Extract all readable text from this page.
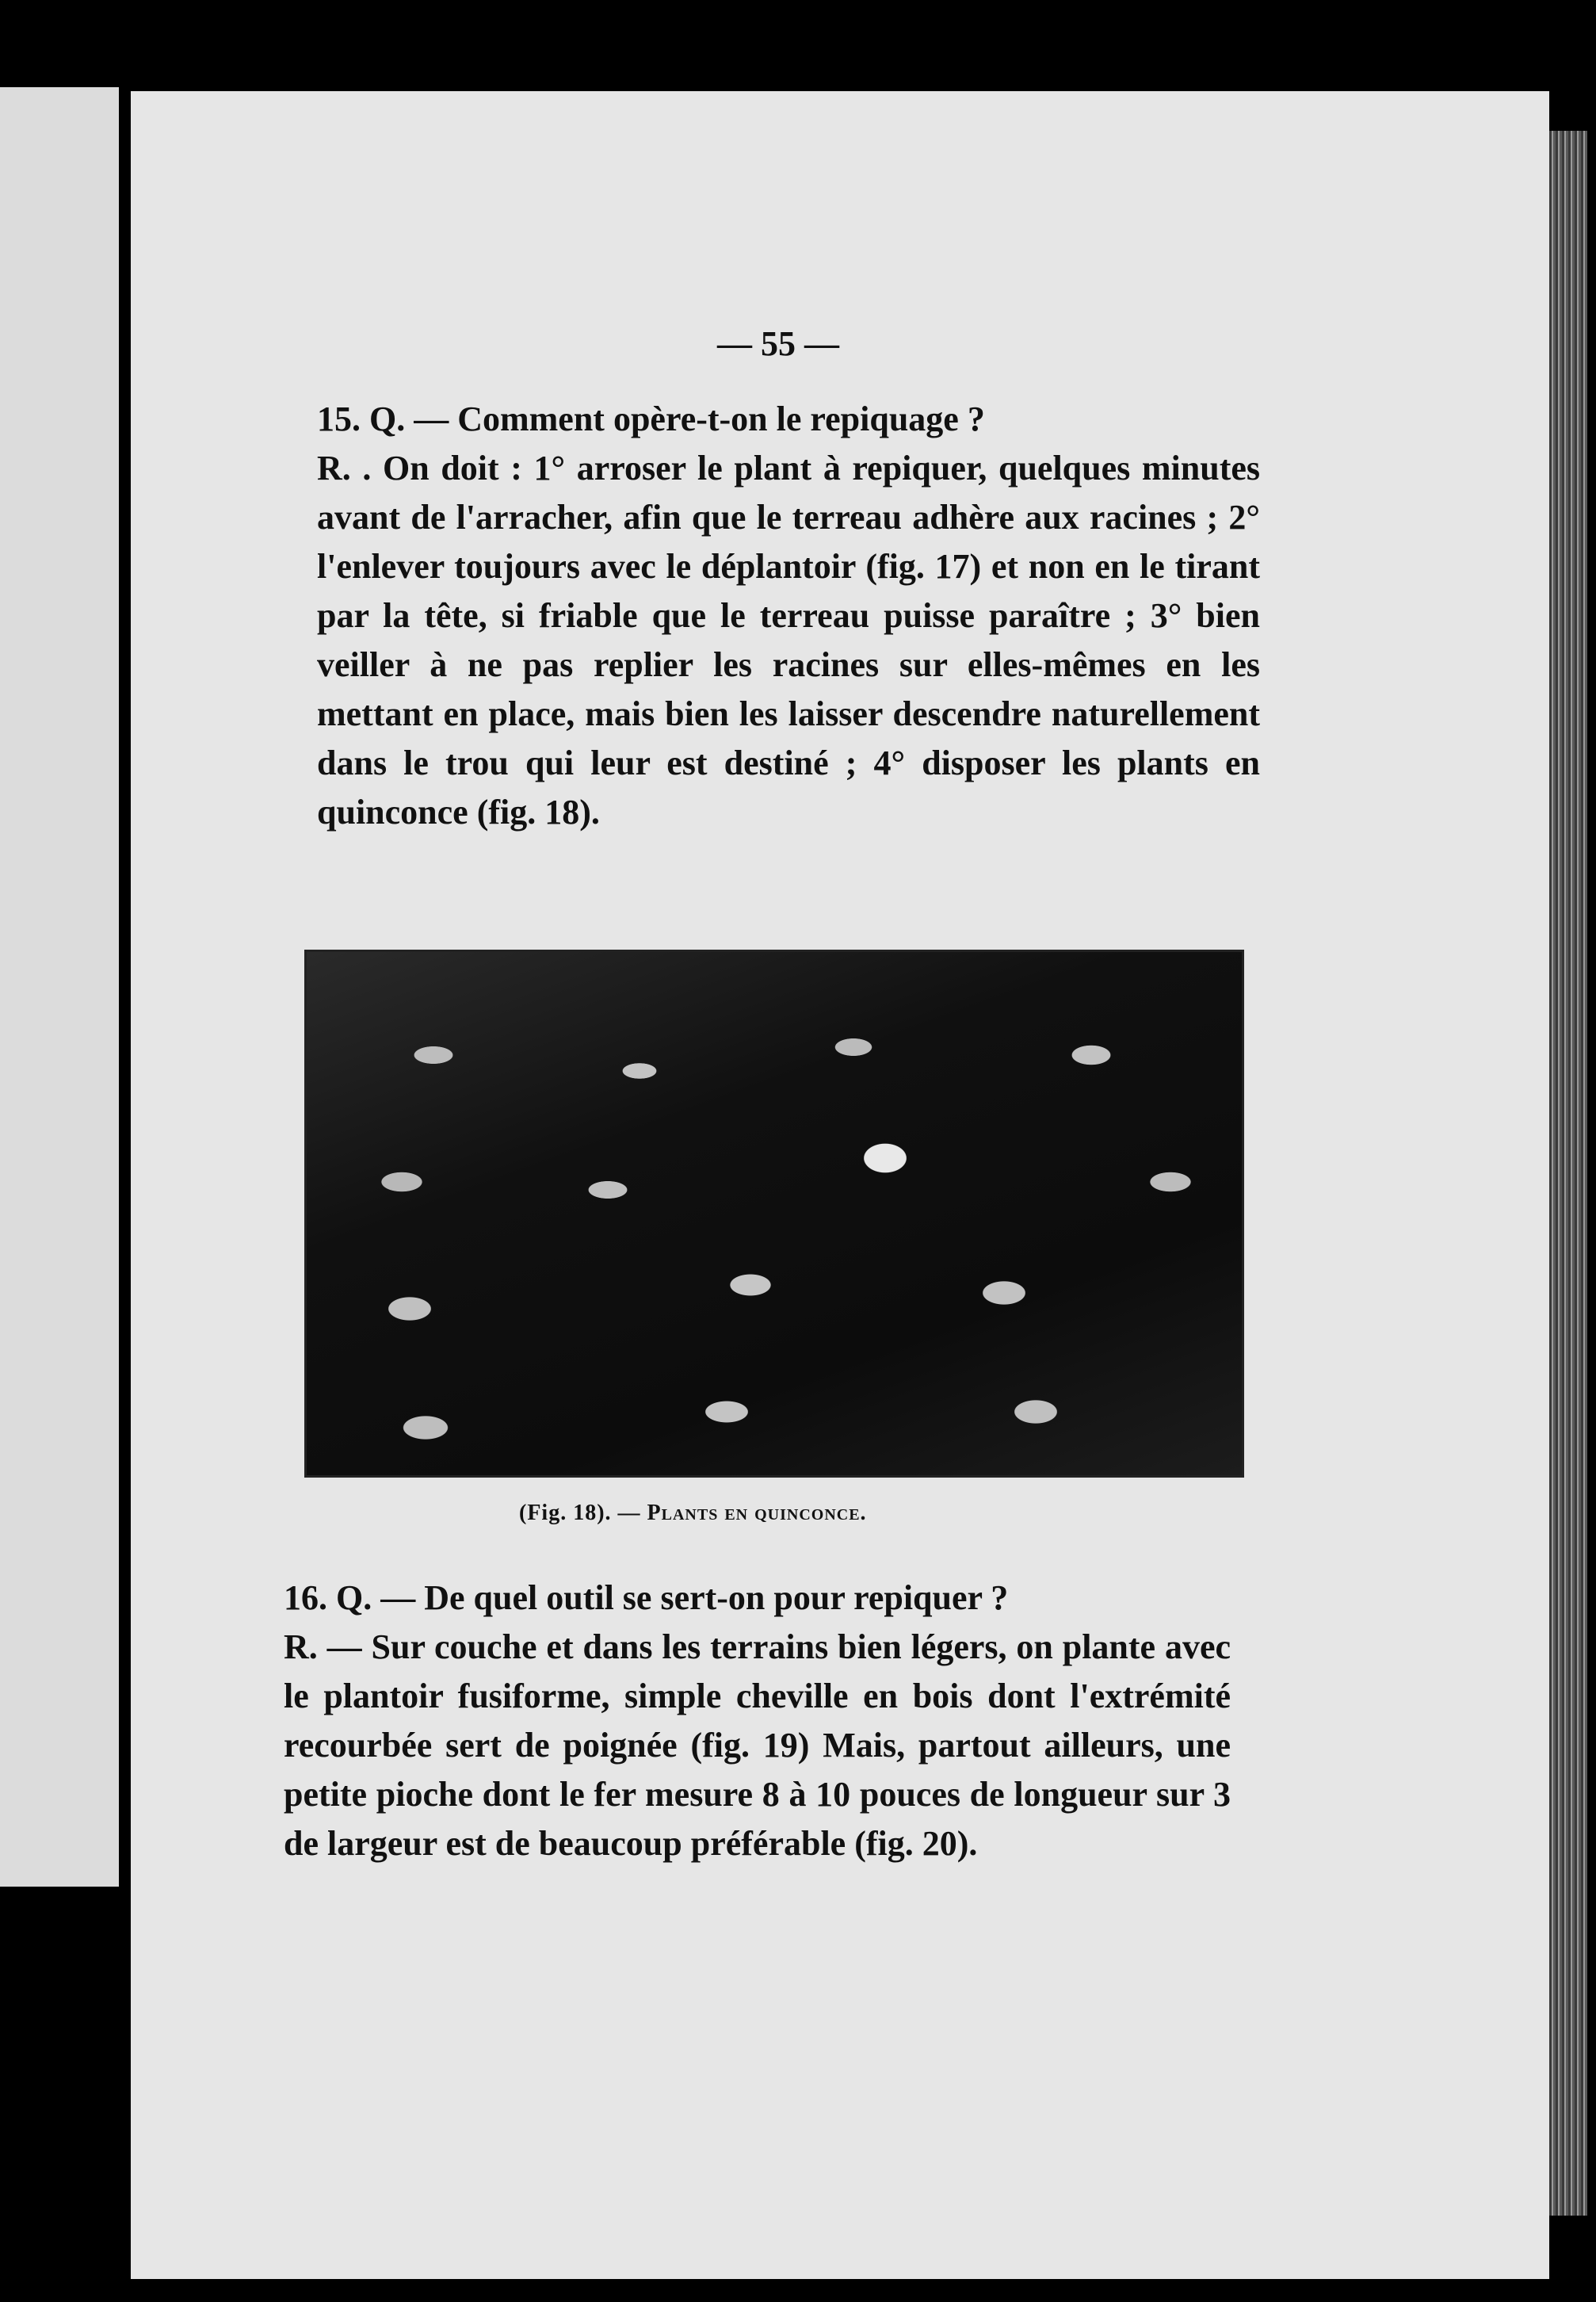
— 55 —
15. Q. — Comment opère-t-on le repiquage ?

R. . On doit : 1° arroser le plant à repiquer, quelques minutes avant de l'arracher, afin que le terreau adhère aux racines ; 2° l'enlever toujours avec le déplantoir (fig. 17) et non en le tirant par la tête, si friable que le terreau puisse paraître ; 3° bien veiller à ne pas replier les racines sur elles-mêmes en les mettant en place, mais bien les laisser descendre naturellement dans le trou qui leur est destiné ; 4° disposer les plants en quinconce (fig. 18).

(Fig. 18). — Plants en quinconce.
16. Q. — De quel outil se sert-on pour repiquer ?

R. — Sur couche et dans les terrains bien légers, on plante avec le plantoir fusiforme, simple cheville en bois dont l'extrémité recourbée sert de poignée (fig. 19) Mais, partout ailleurs, une petite pioche dont le fer mesure 8 à 10 pouces de longueur sur 3 de largeur est de beaucoup préférable (fig. 20).
